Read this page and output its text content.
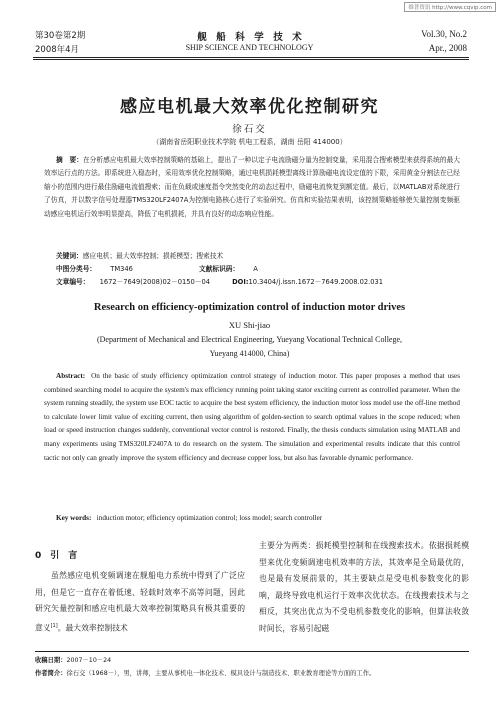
维普资讯 http://www.cqvip.com
第30卷第2期
2008年4月
舰　船　科　学　技　术
SHIP SCIENCE AND TECHNOLOGY
Vol.30, No.2
Apr., 2008
感应电机最大效率优化控制研究
徐石交
（湖南省岳阳职业技术学院 机电工程系，湖南 岳阳 414000）
摘　要：在分析感应电机最大效率控制策略的基础上，提出了一种以定子电流励磁分量为控制变量，采用混合搜索模型来获得系统的最大效率运行点的方法。即系统进入稳态时，采用效率优化控制策略，通过电机损耗模型离线计算励磁电流设定值的下限，采用黄金分割法在已经缩小的范围内进行最佳励磁电流值搜索；而在负载或速度指令突然变化的动态过程中，励磁电流恢复到额定值。最后，以MATLAB对系统进行了仿真，并以数字信号处理器TMS320LF2407A为控制电路核心进行了实验研究。仿真和实验结果表明，该控制策略能够使矢量控制变频驱动感应电机运行效率明显提高，降低了电机损耗，并具有良好的动态响应性能。
关键词：感应电机；最大效率控制；损耗模型；搜索技术
中图分类号： TM346	文献标识码： A
文章编号： 1672－7649(2008)02－0150－04	DOI:10.3404/j.issn.1672－7649.2008.02.031
Research on efficiency-optimization control of induction motor drives
XU Shi-jiao
(Department of Mechanical and Electrical Engineering, Yueyang Vocational Technical College,
Yueyang 414000, China)
Abstract: On the basic of study efficiency optimization control strategy of induction motor. This paper proposes a method that uses combined searching model to acquire the system's max efficiency running point taking stator exciting current as controlled parameter. When the system running steadily, the system use EOC tactic to acquire the best system efficiency, the induction motor loss model use the off-line method to calculate lower limit value of exciting current, then using algorithm of golden-section to search optimal values in the scope reduced; when load or speed instruction changes suddenly, conventional vector control is restored. Finally, the thesis conducts simulation using MATLAB and many experiments using TMS320LF2407A to do research on the system. The simulation and experimental results indicate that this control tactic not only can greatly improve the system efficiency and decrease copper loss, but also has favorable dynamic performance.
Key words: induction motor; efficiency optimization control; loss model; search controller
0　引　言
虽然感应电机变频调速在舰船电力系统中得到了广泛应用，但是它一直存在着低速、轻载时效率不高等问题，因此研究矢量控制和感应电机最大效率控制策略具有极其重要的意义[1]。最大效率控制技术
主要分为两类：损耗模型控制和在线搜索技术。依据损耗模型来优化变频调速电机效率的方法，其效率是全局最优的，也是最有发展前景的，其主要缺点是受电机参数变化的影响，最终导致电机运行于效率次优状态。在线搜索技术与之相反，其突出优点为不受电机参数变化的影响，但算法收敛时间长，容易引起磁
收稿日期：2007－10－24
作者简介：徐石交（1968－），男，讲师，主要从事机电一体化技术、模具设计与制造技术、职业教育理论等方面的工作。
